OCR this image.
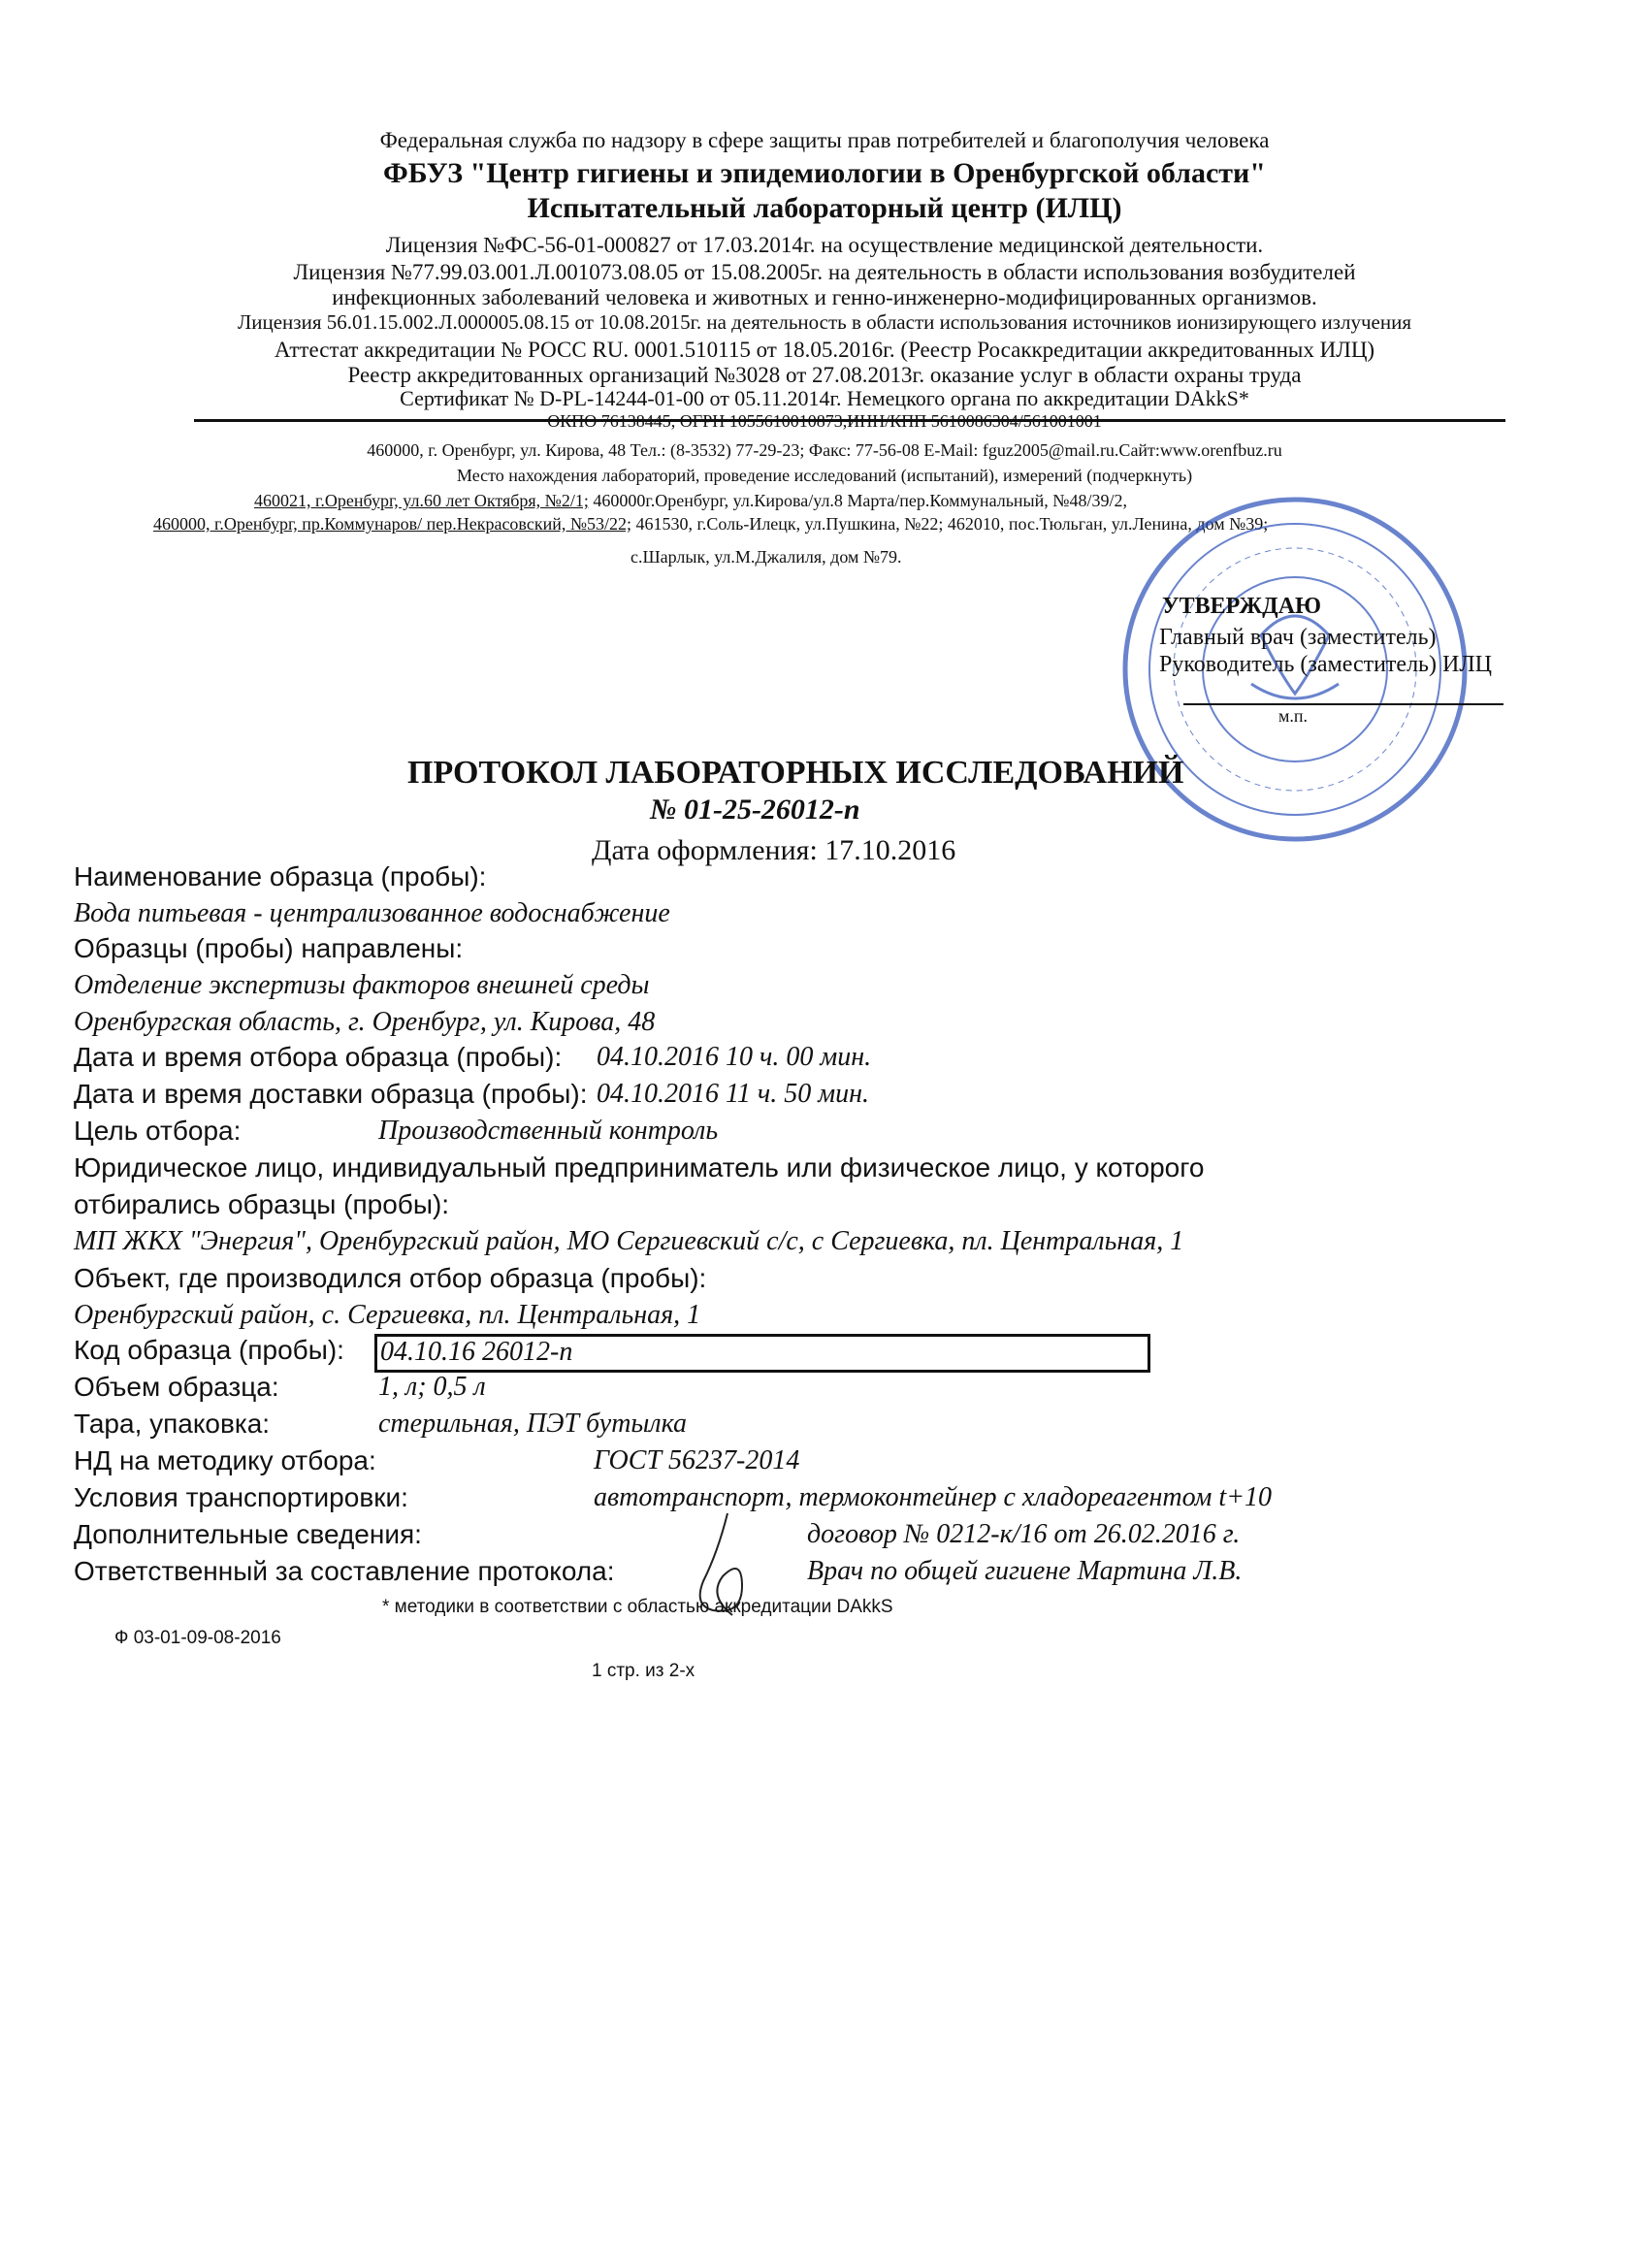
Федеральная служба по надзору в сфере защиты прав потребителей и благополучия человека
ФБУЗ "Центр гигиены и эпидемиологии в Оренбургской области"
Испытательный лабораторный центр (ИЛЦ)
Лицензия №ФС-56-01-000827 от 17.03.2014г. на осуществление медицинской деятельности.
Лицензия №77.99.03.001.Л.001073.08.05 от 15.08.2005г. на деятельность в области использования возбудителей
инфекционных заболеваний человека и животных и генно-инженерно-модифицированных организмов.
Лицензия 56.01.15.002.Л.000005.08.15 от 10.08.2015г. на деятельность в области использования источников ионизирующего излучения
Аттестат аккредитации № РОСС RU. 0001.510115 от 18.05.2016г. (Реестр Росаккредитации аккредитованных ИЛЦ)
Реестр аккредитованных организаций №3028 от 27.08.2013г. оказание услуг в области охраны труда
Сертификат № D-PL-14244-01-00 от 05.11.2014г. Немецкого органа по аккредитации DAkkS*
ОКПО 76138445, ОГРН 1055610010873,ИНН/КПП 5610086304/561001001
460000, г. Оренбург, ул. Кирова, 48 Тел.: (8-3532) 77-29-23; Факс: 77-56-08 E-Mail: fguz2005@mail.ru.Сайт:www.orenfbuz.ru
Место нахождения лабораторий, проведение исследований (испытаний), измерений (подчеркнуть)
460021, г.Оренбург, ул.60 лет Октября, №2/1; 460000г.Оренбург, ул.Кирова/ул.8 Марта/пер.Коммунальный, №48/39/2,
460000, г.Оренбург, пр.Коммунаров/ пер.Некрасовский, №53/22; 461530, г.Соль-Илецк, ул.Пушкина, №22; 462010, пос.Тюльган, ул.Ленина, дом №39;
с.Шарлык, ул.М.Джалиля, дом №79.
УТВЕРЖДАЮ
Главный врач (заместитель)
Руководитель (заместитель) ИЛЦ
м.п.
ПРОТОКОЛ ЛАБОРАТОРНЫХ ИССЛЕДОВАНИЙ
№ 01-25-26012-п
Дата оформления: 17.10.2016
Наименование образца (пробы):
Вода питьевая - централизованное водоснабжение
Образцы (пробы) направлены:
Отделение экспертизы факторов внешней среды
Оренбургская область, г. Оренбург, ул. Кирова, 48
Дата и время отбора образца (пробы): 04.10.2016 10 ч. 00 мин.
Дата и время доставки образца (пробы): 04.10.2016 11 ч. 50 мин.
Цель отбора:	Производственный контроль
Юридическое лицо, индивидуальный предприниматель или физическое лицо, у которого
отбирались образцы (пробы):
МП ЖКХ "Энергия", Оренбургский район, МО Сергиевский с/с, с Сергиевка, пл. Центральная, 1
Объект, где производился отбор образца (пробы):
Оренбургский район, с. Сергиевка, пл. Центральная, 1
Код образца (пробы): 04.10.16 26012-п
Объем образца:	1, л; 0,5 л
Тара, упаковка:	стерильная, ПЭТ бутылка
НД на методику отбора:	ГОСТ 56237-2014
Условия транспортировки:	автотранспорт, термоконтейнер с хладореагентом t+10
Дополнительные сведения:	договор № 0212-к/16 от 26.02.2016 г.
Ответственный за составление протокола:	Врач по общей гигиене Мартина Л.В.
* методики в соответствии с областью аккредитации DAkkS
Ф 03-01-09-08-2016
1 стр. из 2-х
